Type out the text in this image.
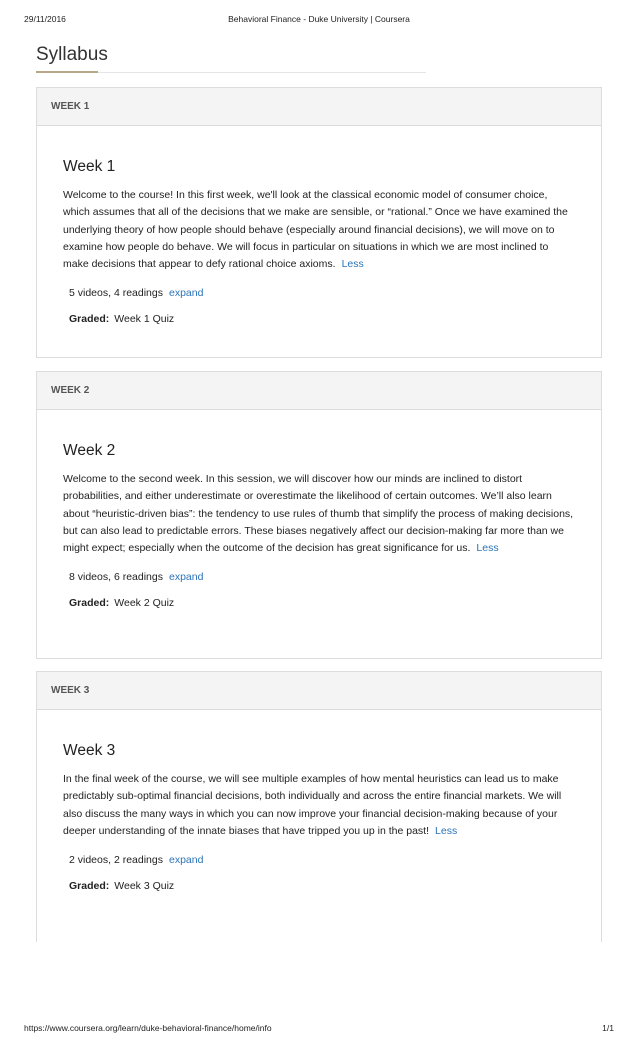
29/11/2016	Behavioral Finance - Duke University | Coursera
Syllabus
WEEK 1
Week 1

Welcome to the course! In this first week, we'll look at the classical economic model of consumer choice, which assumes that all of the decisions that we make are sensible, or “rational.” Once we have examined the underlying theory of how people should behave (especially around financial decisions), we will move on to examine how people do behave. We will focus in particular on situations in which we are most inclined to make decisions that appear to defy rational choice axioms. Less

5 videos, 4 readings expand
Graded: Week 1 Quiz
WEEK 2
Week 2

Welcome to the second week. In this session, we will discover how our minds are inclined to distort probabilities, and either underestimate or overestimate the likelihood of certain outcomes. We’ll also learn about “heuristic-driven bias”: the tendency to use rules of thumb that simplify the process of making decisions, but can also lead to predictable errors. These biases negatively affect our decision-making far more than we might expect; especially when the outcome of the decision has great significance for us. Less

8 videos, 6 readings expand
Graded: Week 2 Quiz
WEEK 3
Week 3

In the final week of the course, we will see multiple examples of how mental heuristics can lead us to make predictably sub-optimal financial decisions, both individually and across the entire financial markets. We will also discuss the many ways in which you can now improve your financial decision-making because of your deeper understanding of the innate biases that have tripped you up in the past! Less

2 videos, 2 readings expand
Graded: Week 3 Quiz
https://www.coursera.org/learn/duke-behavioral-finance/home/info	1/1
